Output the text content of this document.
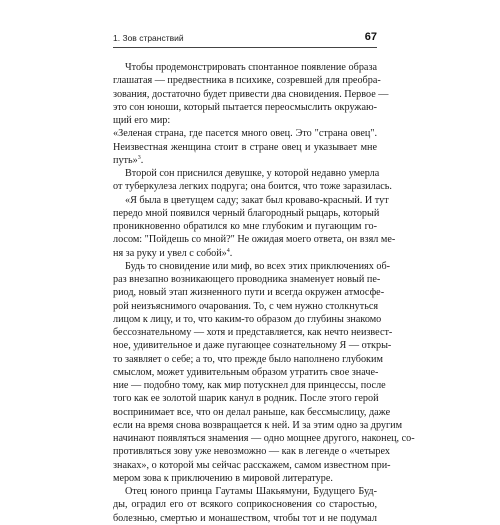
1. Зов странствий	67
Чтобы продемонстрировать спонтанное появление образа
глашатая — предвестника в психике, созревшей для преобра-
зования, достаточно будет привести два сновидения. Первое —
это сон юноши, который пытается переосмыслить окружаю-
щий его мир:
«Зеленая страна, где пасется много овец. Это "страна овец".
Неизвестная женщина стоит в стране овец и указывает мне
путь»$^3$.
Второй сон приснился девушке, у которой недавно умерла
от туберкулеза легких подруга; она боится, что тоже заразилась.
«Я была в цветущем саду; закат был кроваво-красный. И тут
передо мной появился черный благородный рыцарь, который
проникновенно обратился ко мне глубоким и пугающим го-
лосом: "Пойдешь со мной?" Не ожидая моего ответа, он взял ме-
ня за руку и увел с собой»$^4$.
Будь то сновидение или миф, во всех этих приключениях об-
раз внезапно возникающего проводника знаменует новый пе-
риод, новый этап жизненного пути и всегда окружен атмосфе-
рой неизъяснимого очарования. То, с чем нужно столкнуться
лицом к лицу, и то, что каким-то образом до глубины знакомо
бессознательному — хотя и представляется, как нечто неизвест-
ное, удивительное и даже пугающее сознательному Я — откры-
то заявляет о себе; а то, что прежде было наполнено глубоким
смыслом, может удивительным образом утратить свое значе-
ние — подобно тому, как мир потускнел для принцессы, после
того как ее золотой шарик канул в родник. После этого герой
воспринимает все, что он делал раньше, как бессмыслицу, даже
если на время снова возвращается к ней. И за этим одно за другим
начинают появляться знамения — одно мощнее другого, наконец, со-
противляться зову уже невозможно — как в легенде о «четырех
знаках», о которой мы сейчас расскажем, самом известном при-
мером зова к приключению в мировой литературе.
Отец юного принца Гаутамы Шакьямуни, Будущего Буд-
ды, оградил его от всякого соприкосновения со старостью,
болезнью, смертью и монашеством, чтобы тот и не подумал
